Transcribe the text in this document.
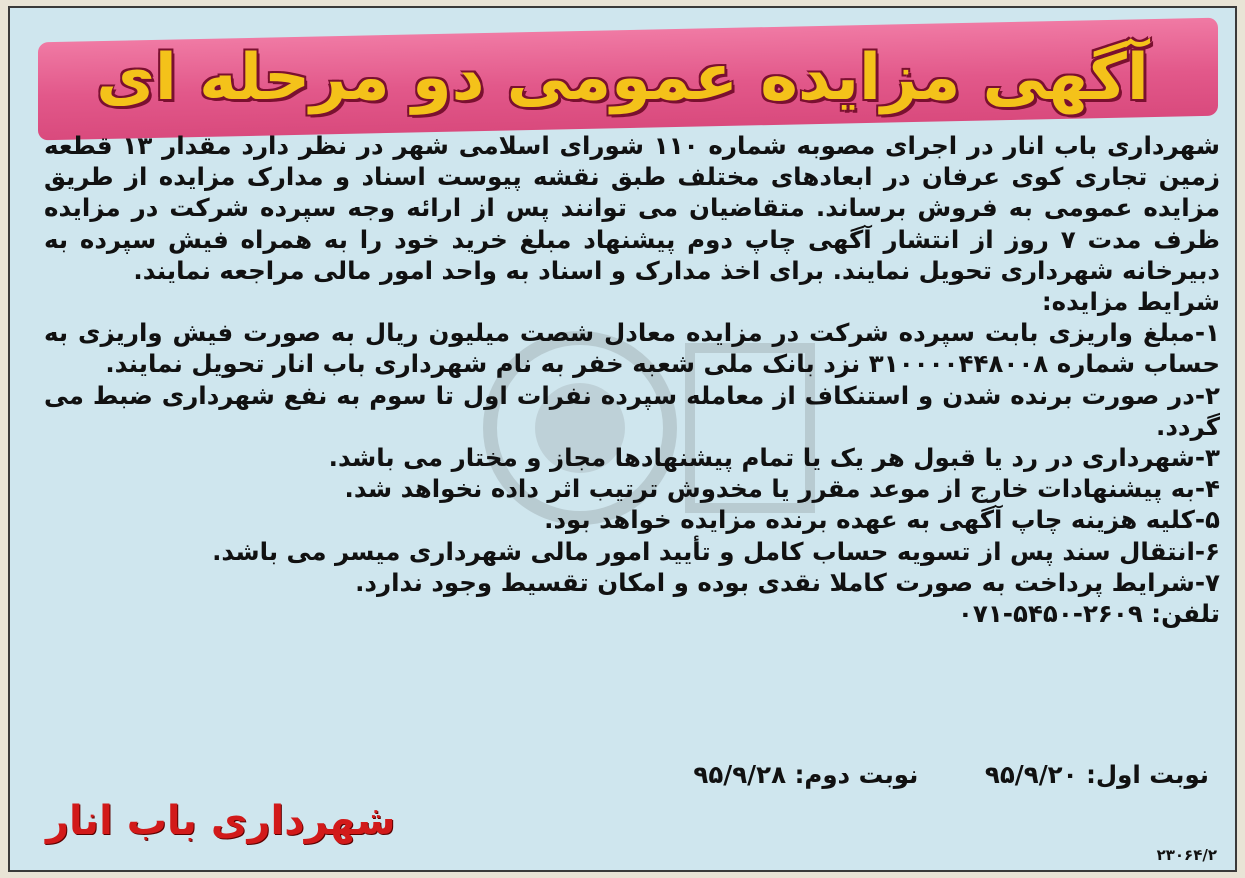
آگهی مزایده عمومی دو مرحله ای

شهرداری باب انار در اجرای مصوبه شماره ۱۱۰ شورای اسلامی شهر در نظر دارد مقدار ۱۳ قطعه زمین تجاری کوی عرفان در ابعادهای مختلف طبق نقشه پیوست اسناد و مدارک مزایده از طریق مزایده عمومی به فروش برساند. متقاضیان می توانند پس از ارائه وجه سپرده شرکت در مزایده ظرف مدت ۷ روز از انتشار آگهی چاپ دوم پیشنهاد مبلغ خرید خود را به همراه فیش سپرده به دبیرخانه شهرداری تحویل نمایند. برای اخذ مدارک و اسناد به واحد امور مالی مراجعه نمایند.

شرایط مزایده:

۱-مبلغ واریزی بابت سپرده شرکت در مزایده معادل شصت میلیون ریال به صورت فیش واریزی به حساب شماره ۳۱۰۰۰۰۴۴۸۰۰۸ نزد بانک ملی شعبه خفر به نام شهرداری باب انار تحویل نمایند.

۲-در صورت برنده شدن و استنکاف از معامله سپرده نفرات اول تا سوم به نفع شهرداری ضبط می گردد.

۳-شهرداری در رد یا قبول هر یک یا تمام پیشنهادها مجاز و مختار می باشد.

۴-به پیشنهادات خارج از موعد مقرر یا مخدوش ترتیب اثر داده نخواهد شد.

۵-کلیه هزینه چاپ آگهی به عهده برنده مزایده خواهد بود.

۶-انتقال سند پس از تسویه حساب کامل و تأیید امور مالی شهرداری میسر می باشد.

۷-شرایط پرداخت به صورت کاملا نقدی بوده و امکان تقسیط وجود ندارد.

تلفن: ۲۶۰۹-۵۴۵۰-۰۷۱

نوبت اول: ۹۵/۹/۲۰ نوبت دوم: ۹۵/۹/۲۸
شهرداری باب انار
۲۳۰۶۴/۲
